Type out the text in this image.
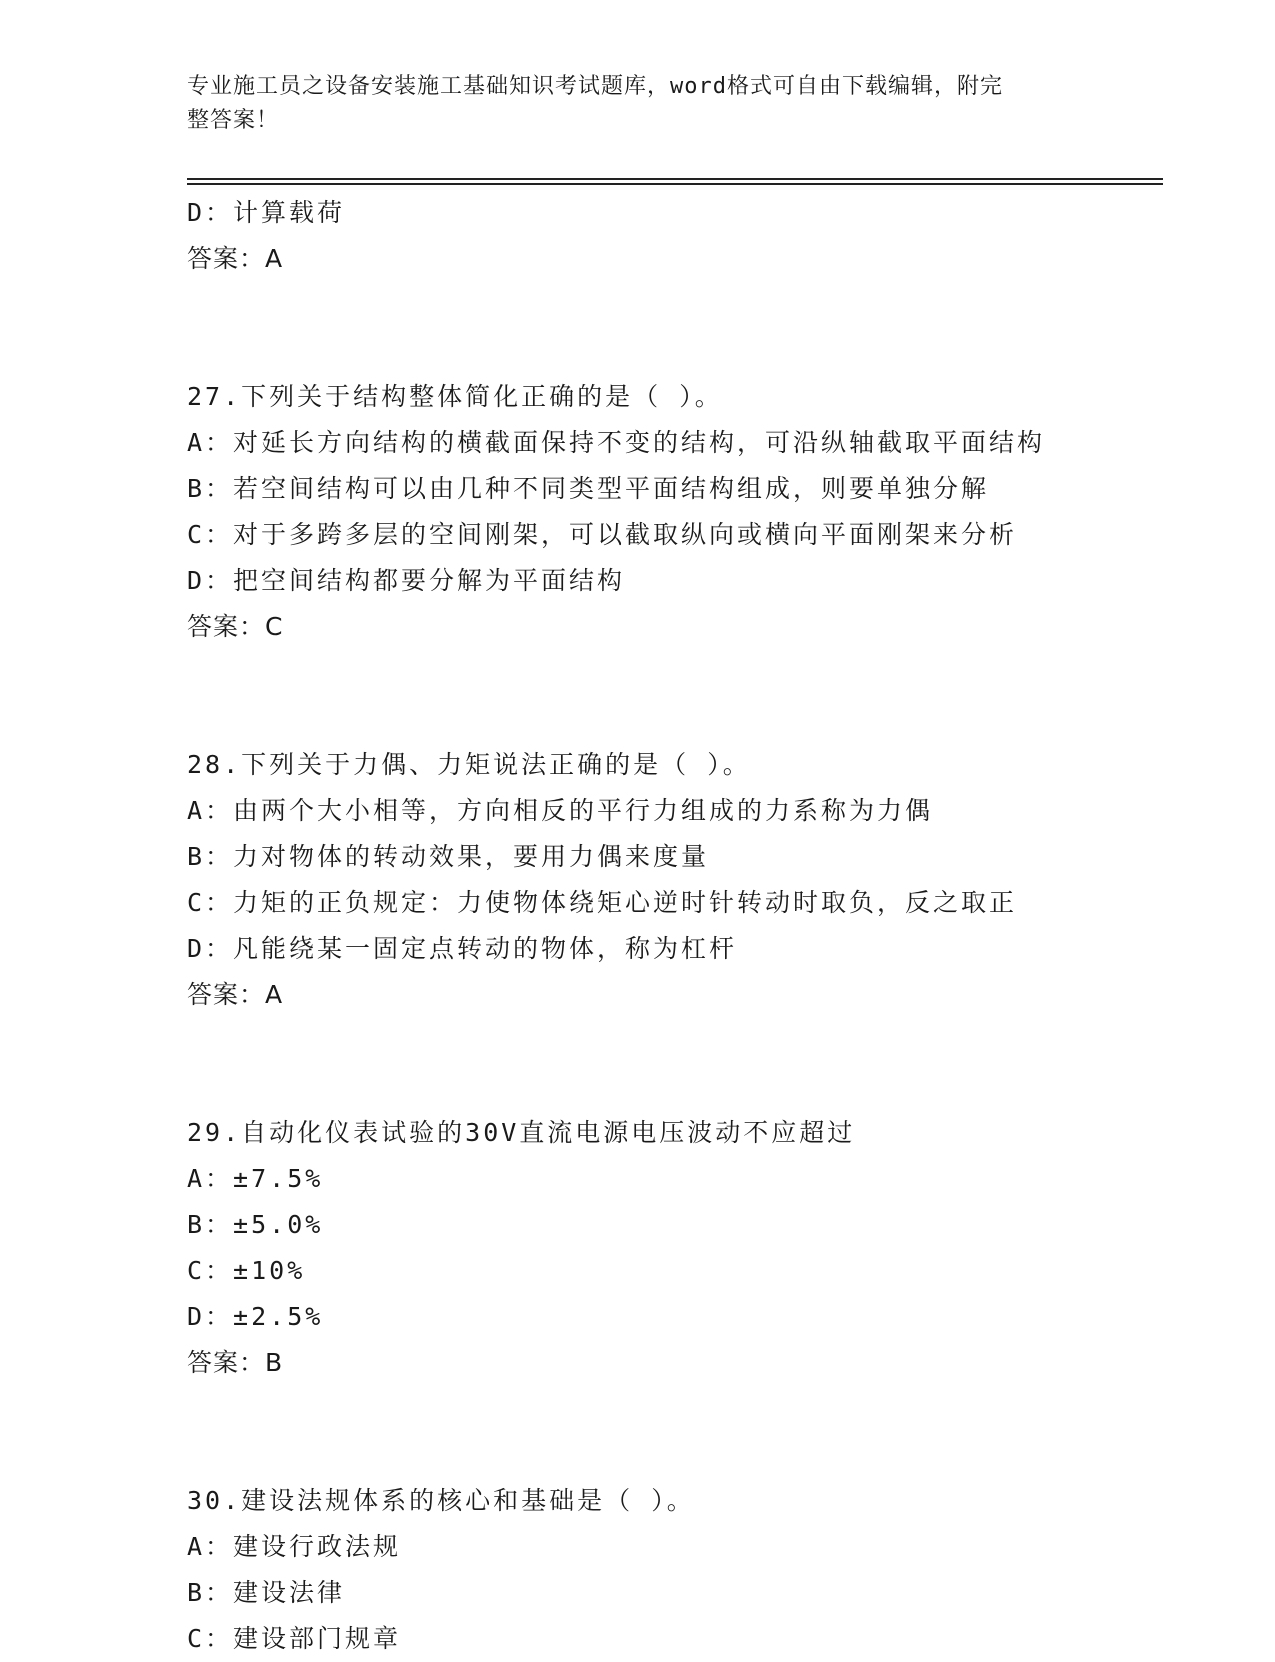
专业施工员之设备安装施工基础知识考试题库，word格式可自由下载编辑，附完
整答案！
D：计算载荷
答案：A
27.下列关于结构整体简化正确的是（ ）。
A：对延长方向结构的横截面保持不变的结构，可沿纵轴截取平面结构
B：若空间结构可以由几种不同类型平面结构组成，则要单独分解
C：对于多跨多层的空间刚架，可以截取纵向或横向平面刚架来分析
D：把空间结构都要分解为平面结构
答案：C
28.下列关于力偶、力矩说法正确的是（ ）。
A：由两个大小相等，方向相反的平行力组成的力系称为力偶
B：力对物体的转动效果，要用力偶来度量
C：力矩的正负规定：力使物体绕矩心逆时针转动时取负，反之取正
D：凡能绕某一固定点转动的物体，称为杠杆
答案：A
29.自动化仪表试验的30V直流电源电压波动不应超过
A：±7.5%
B：±5.0%
C：±10%
D：±2.5%
答案：B
30.建设法规体系的核心和基础是（ ）。
A：建设行政法规
B：建设法律
C：建设部门规章
